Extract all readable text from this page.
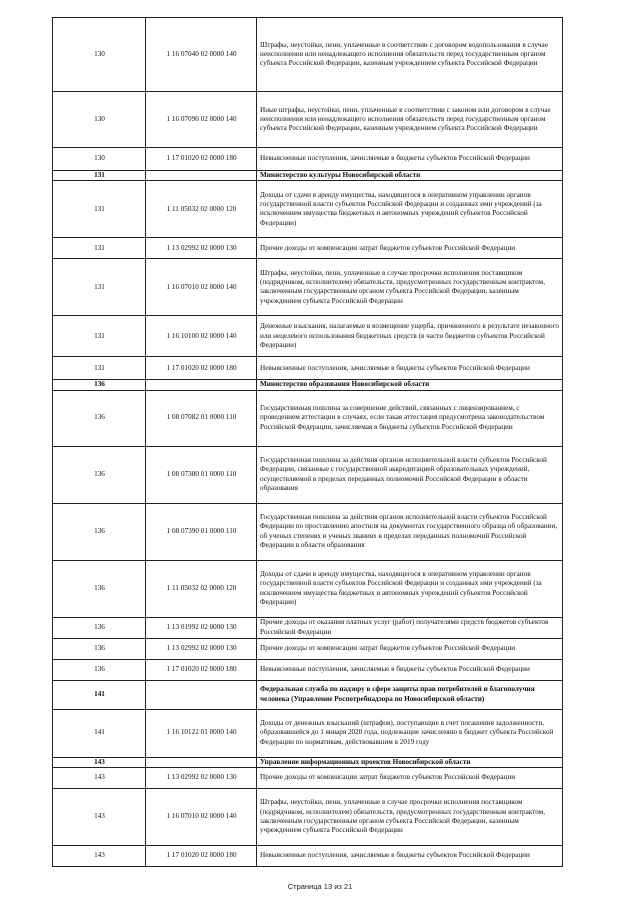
130	1 16 07040 02 0000 140	Штрафы, неустойки, пени, уплаченные в соответствии с договором водопользования в случае неисполнения или ненадлежащего исполнения обязательств перед государственным органом субъекта Российской Федерации, казенным учреждением субъекта Российской Федерации
130	1 16 07090 02 0000 140	Иные штрафы, неустойки, пени, уплаченные в соответствии с законом или договором в случае неисполнения или ненадлежащего исполнения обязательств перед государственным органом субъекта Российской Федерации, казенным учреждением субъекта Российской Федерации
130	1 17 01020 02 0000 180	Невыясненные поступления, зачисляемые в бюджеты субъектов Российской Федерации
131		Министерство культуры Новосибирской области
131	1 11 05032 02 0000 120	Доходы от сдачи в аренду имущества, находящегося в оперативном управлении органов государственной власти субъектов Российской Федерации и созданных ими учреждений (за исключением имущества бюджетных и автономных учреждений субъектов Российской Федерации)
131	1 13 02992 02 0000 130	Прочие доходы от компенсации затрат бюджетов субъектов Российской Федерации
131	1 16 07010 02 0000 140	Штрафы, неустойки, пени, уплаченные в случае просрочки исполнения поставщиком (подрядчиком, исполнителем) обязательств, предусмотренных государственным контрактом, заключенным государственным органом субъекта Российской Федерации, казенным учреждением субъекта Российской Федерации
131	1 16 10100 02 0000 140	Денежные взыскания, налагаемые в возмещение ущерба, причиненного в результате незаконного или нецелевого использования бюджетных средств (в части бюджетов субъектов Российской Федерации)
131	1 17 01020 02 0000 180	Невыясненные поступления, зачисляемые в бюджеты субъектов Российской Федерации
136		Министерство образования Новосибирской области
136	1 08 07082 01 0000 110	Государственная пошлина за совершение действий, связанных с лицензированием, с проведением аттестации в случаях, если такая аттестация предусмотрена законодательством Российской Федерации, зачисляемая в бюджеты субъектов Российской Федерации
136	1 08 07380 01 0000 110	Государственная пошлина за действия органов исполнительной власти субъектов Российской Федерации, связанные с государственной аккредитацией образовательных учреждений, осуществляемой в пределах переданных полномочий Российской Федерации в области образования
136	1 08 07390 01 0000 110	Государственная пошлина за действия органов исполнительной власти субъектов Российской Федерации по проставлению апостиля на документах государственного образца об образовании, об ученых степенях и ученых званиях в пределах переданных полномочий Российской Федерации в области образования
136	1 11 05032 02 0000 120	Доходы от сдачи в аренду имущества, находящегося в оперативном управлении органов государственной власти субъектов Российской Федерации и созданных ими учреждений (за исключением имущества бюджетных и автономных учреждений субъектов Российской Федерации)
136	1 13 01992 02 0000 130	Прочие доходы от оказания платных услуг (работ) получателями средств бюджетов субъектов Российской Федерации
136	1 13 02992 02 0000 130	Прочие доходы от компенсации затрат бюджетов субъектов Российской Федерации
136	1 17 01020 02 0000 180	Невыясненные поступления, зачисляемые в бюджеты субъектов Российской Федерации
141		Федеральная служба по надзору в сфере защиты прав потребителей и благополучия человека (Управление Роспотребнадзора по Новосибирской области)
141	1 16 10122 01 0000 140	Доходы от денежных взысканий (штрафов), поступающие в счет погашения задолженности, образовавшейся до 1 января 2020 года, подлежащие зачислению в бюджет субъекта Российской Федерации по нормативам, действовавшим в 2019 году
143		Управление информационных проектов Новосибирской области
143	1 13 02992 02 0000 130	Прочие доходы от компенсации затрат бюджетов субъектов Российской Федерации
143	1 16 07010 02 0000 140	Штрафы, неустойки, пени, уплаченные в случае просрочки исполнения поставщиком (подрядчиком, исполнителем) обязательств, предусмотренных государственным контрактом, заключенным государственным органом субъекта Российской Федерации, казенным учреждением субъекта Российской Федерации
143	1 17 01020 02 0000 180	Невыясненные поступления, зачисляемые в бюджеты субъектов Российской Федерации
Страница 13 из 21
